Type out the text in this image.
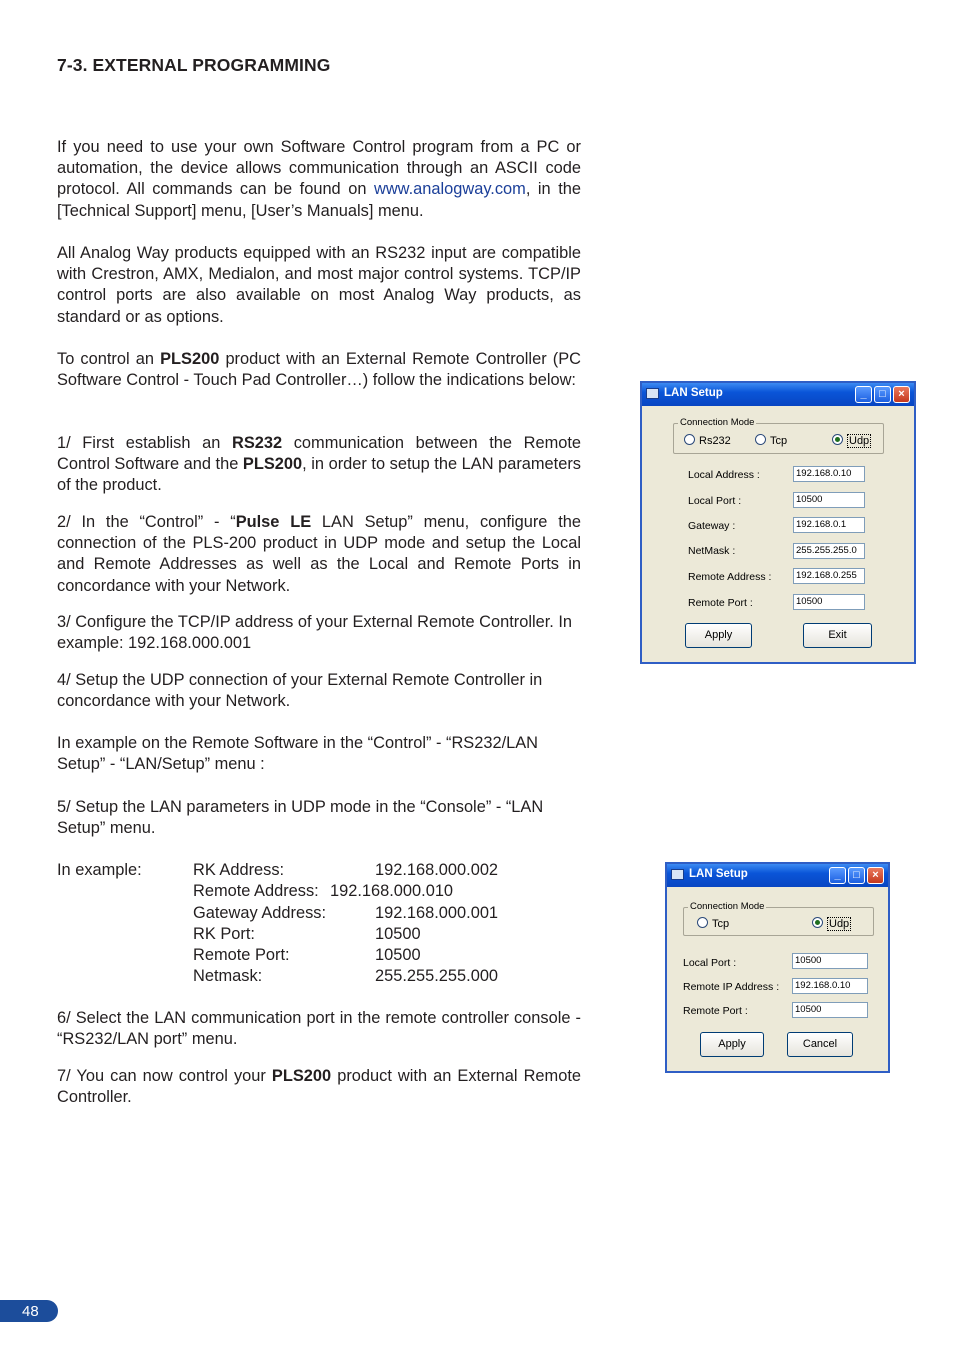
7-3. EXTERNAL PROGRAMMING

If you need to use your own Software Control program from a PC or automation, the device allows communication through an ASCII code protocol. All commands can be found on www.analogway.com, in the [Technical Support] menu, [User’s Manuals] menu.

All Analog Way products equipped with an RS232 input are compatible with Crestron, AMX, Medialon, and most major control systems. TCP/IP control ports are also available on most Analog Way products, as standard or as options.

To control an PLS200 product with an External Remote Controller (PC Software Control - Touch Pad Controller…) follow the indications below:

1/ First establish an RS232 communication between the Remote Control Software and the PLS200, in order to setup the LAN parameters of the product.

2/ In the “Control” - “Pulse LE LAN Setup” menu, configure the connection of the PLS-200 product in UDP mode and setup the Local and Remote Addresses as well as the Local and Remote Ports in concordance with your Network.

3/ Configure the TCP/IP address of your External Remote Controller. In example: 192.168.000.001

4/ Setup the UDP connection of your External Remote Controller in concordance with your Network.

In example on the Remote Software in the “Control” - “RS232/LAN Setup” - “LAN/Setup” menu :

5/ Setup the LAN parameters in UDP mode in the “Console” - “LAN Setup” menu.

In example:	RK Address:	192.168.000.002
Remote Address: 192.168.000.010
Gateway Address:	192.168.000.001
RK Port:	10500
Remote Port:	10500
Netmask:	255.255.255.000

6/ Select the LAN communication port in the remote controller console - “RS232/LAN port” menu.

7/ You can now control your PLS200 product with an External Remote Controller.

LAN Setup	_	□	×
Connection Mode
Rs232	Tcp	Udp
Local Address :	192.168.0.10
Local Port :	10500
Gateway :	192.168.0.1
NetMask :	255.255.255.0
Remote Address :	192.168.0.255
Remote Port :	10500
Apply	Exit
LAN Setup	_	□	×
Connection Mode
Tcp	Udp
Local Port :	10500
Remote IP Address :	192.168.0.10
Remote Port :	10500
Apply	Cancel
48
